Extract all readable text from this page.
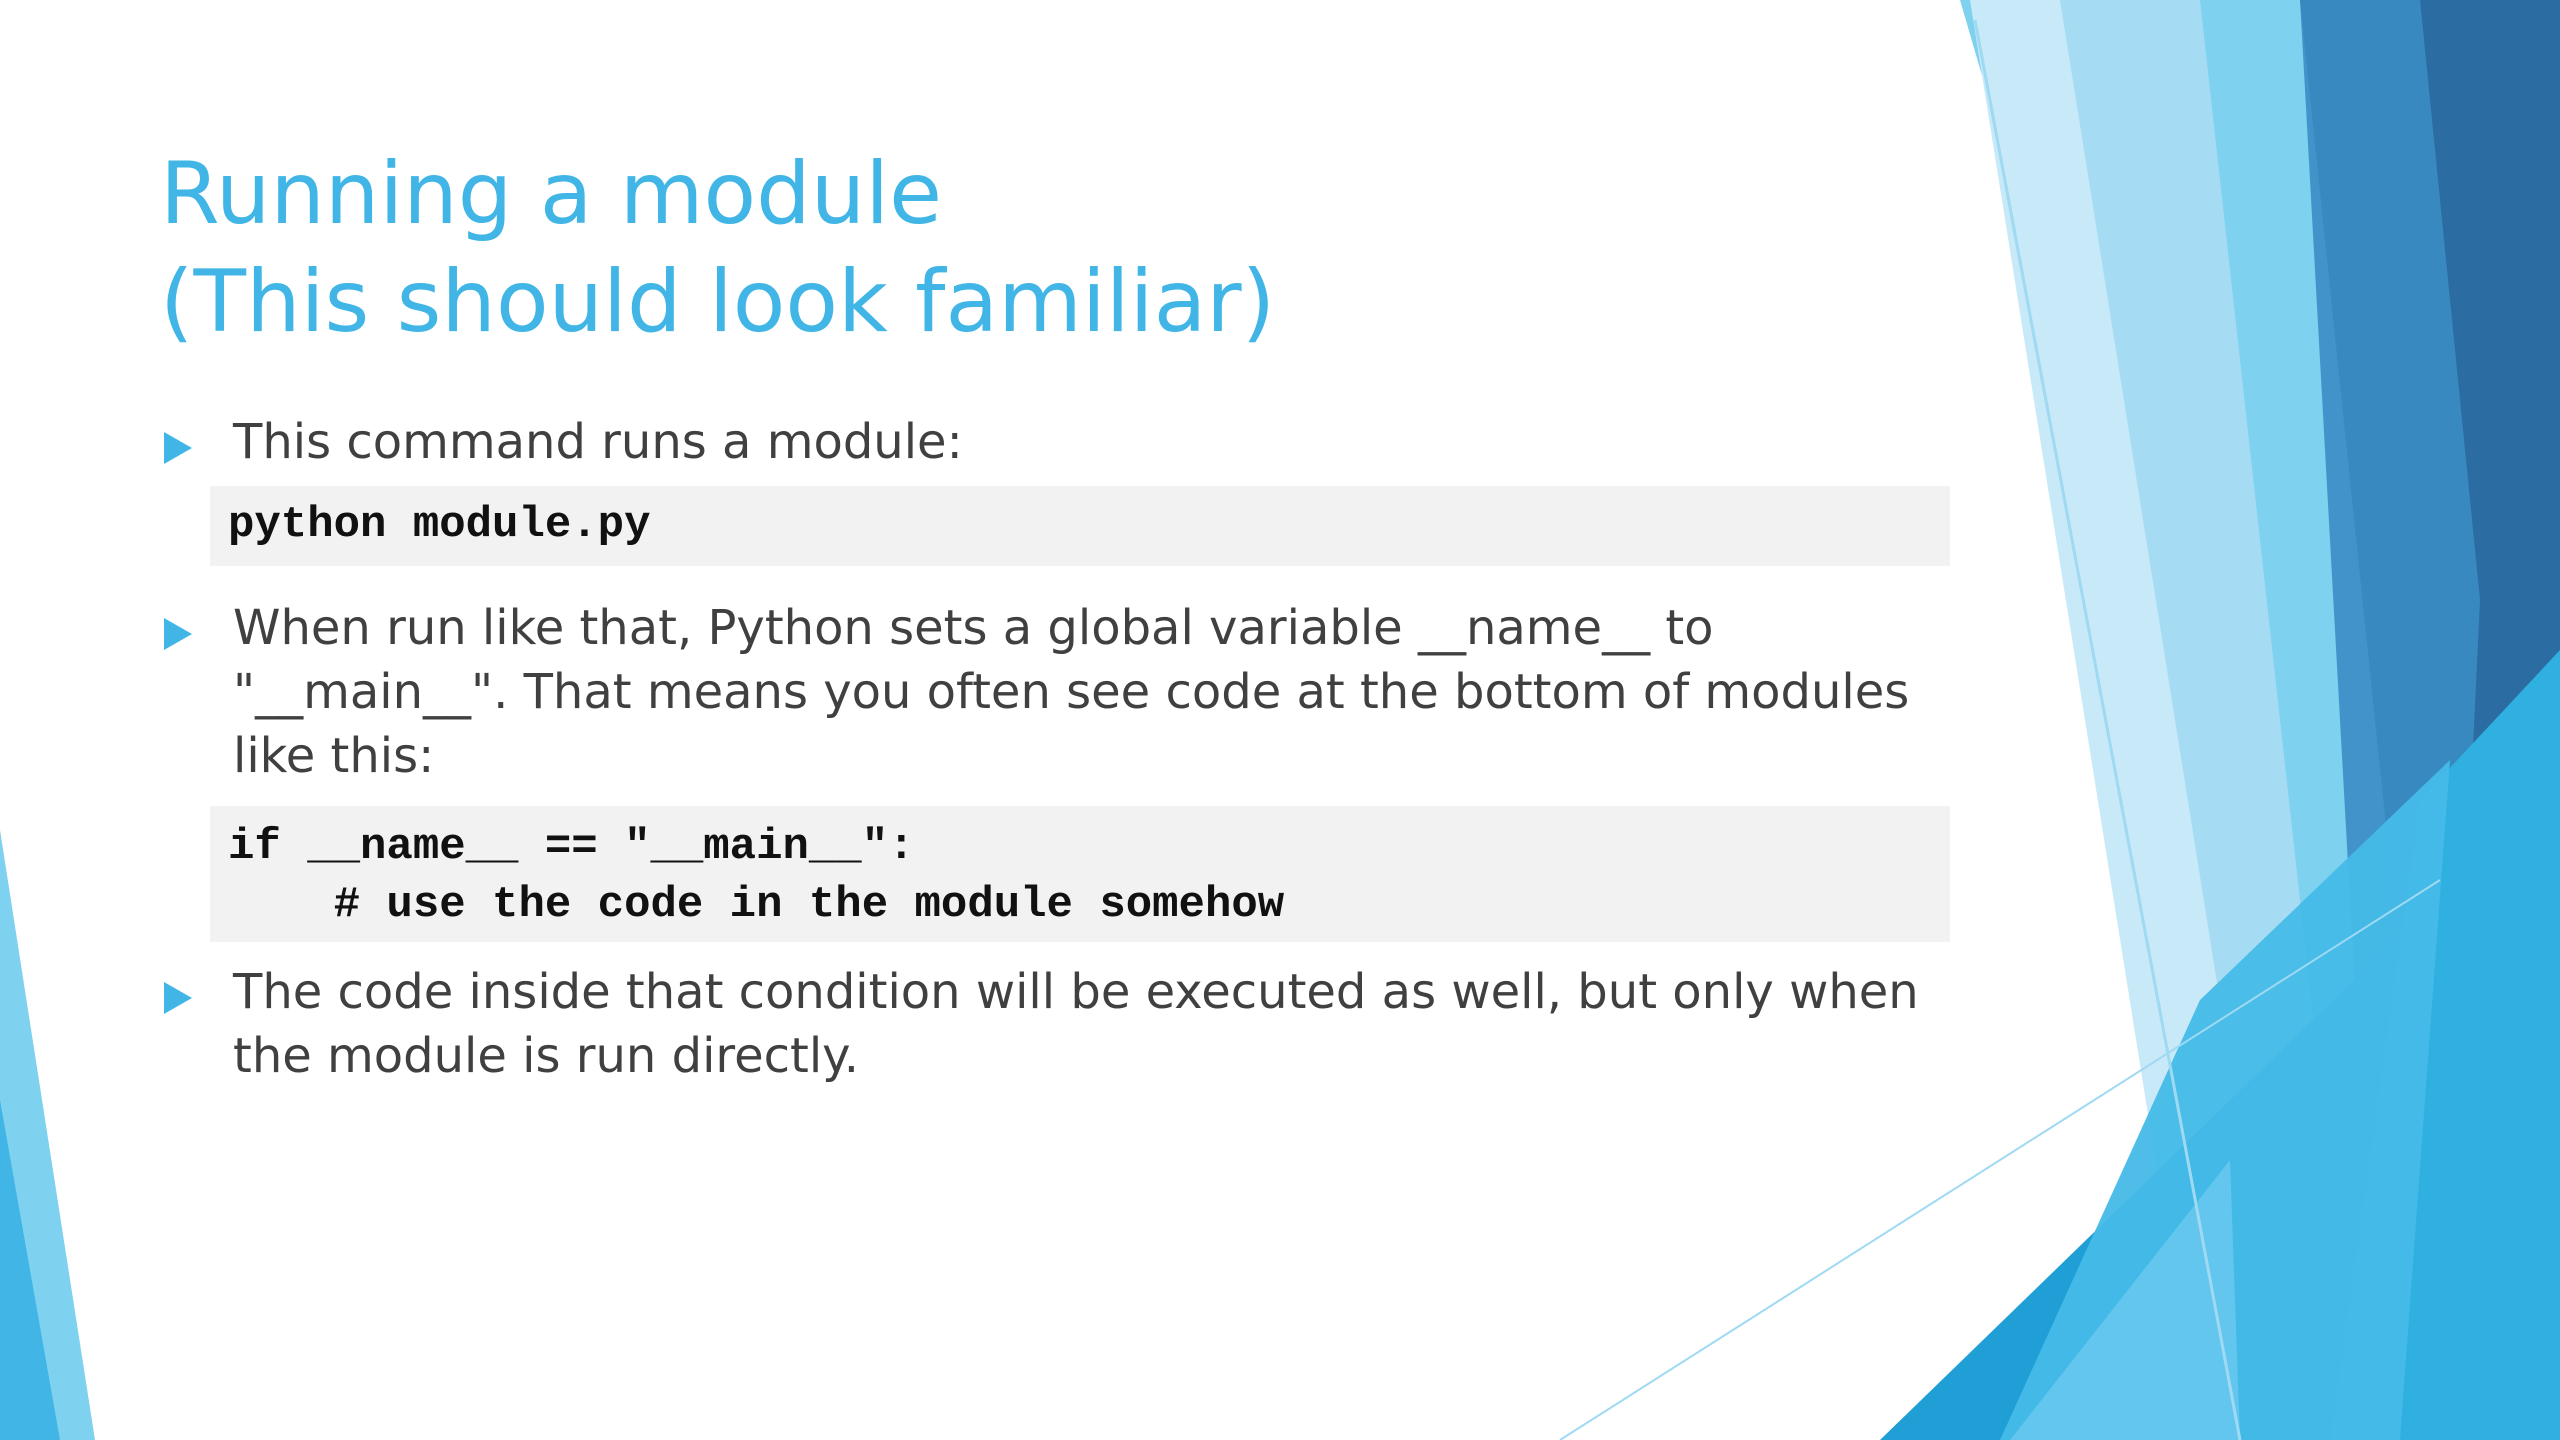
Running a module
(This should look familiar)
This command runs a module:
python module.py
When run like that, Python sets a global variable __name__ to "__main__". That means you often see code at the bottom of modules like this:
if __name__ == "__main__":
# use the code in the module somehow
The code inside that condition will be executed as well, but only when the module is run directly.
